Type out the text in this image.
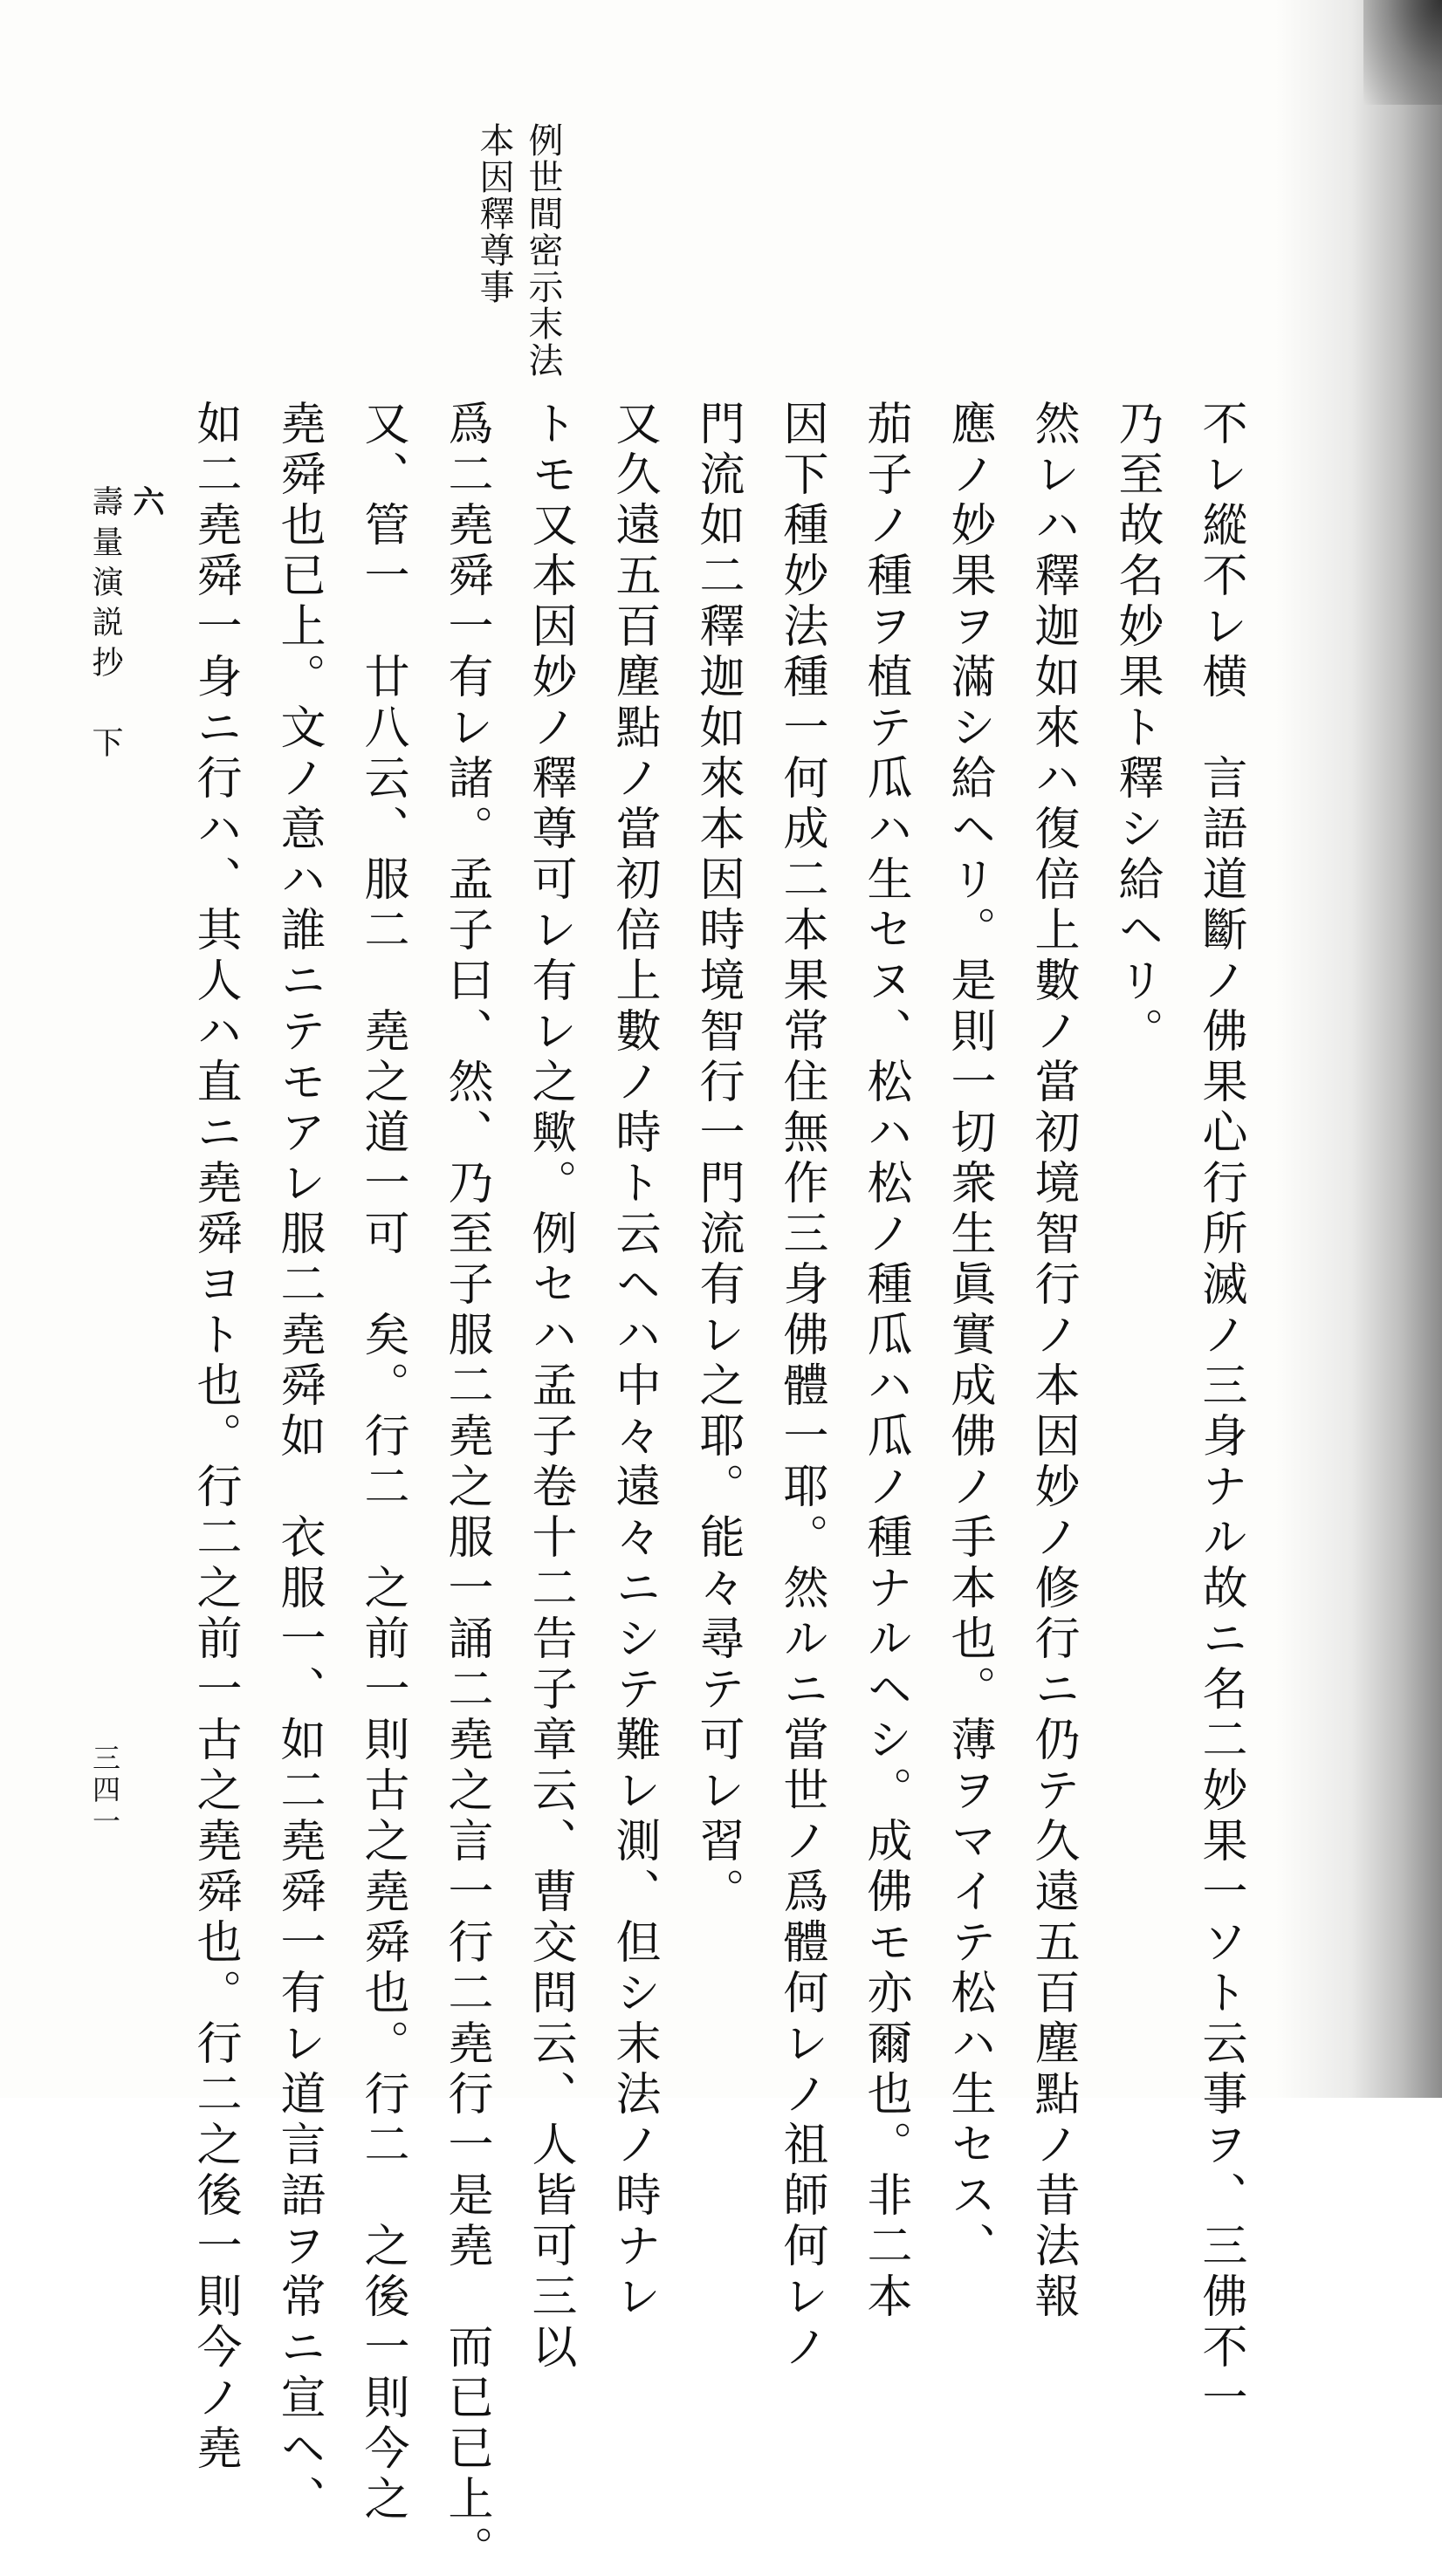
例世間密示末法
本因釋尊事
不レ縱不レ横　言語道斷ノ佛果心行所滅ノ三身ナル故ニ名二妙果一ソト云事ヲ、三佛不一
乃至故名妙果ト釋シ給ヘリ。
然レハ釋迦如來ハ復倍上數ノ當初境智行ノ本因妙ノ修行ニ仍テ久遠五百塵點ノ昔法報
應ノ妙果ヲ滿シ給ヘリ。是則一切衆生眞實成佛ノ手本也。薄ヲマイテ松ハ生セス、
茄子ノ種ヲ植テ瓜ハ生セヌ、松ハ松ノ種瓜ハ瓜ノ種ナルヘシ。成佛モ亦爾也。非二本
因下種妙法種一何成二本果常住無作三身佛體一耶。然ルニ當世ノ爲體何レノ祖師何レノ
門流如二釋迦如來本因時境智行一門流有レ之耶。能々尋テ可レ習。
又久遠五百塵點ノ當初倍上數ノ時ト云ヘハ中々遠々ニシテ難レ測、但シ末法ノ時ナレ
トモ又本因妙ノ釋尊可レ有レ之歟。例セハ孟子卷十二告子章云、曹交問云、人皆可三以
爲二堯舜一有レ諸。孟子曰、然、乃至子服二堯之服一誦二堯之言一行二堯行一是堯　而已已上。
又、管一　廿八云、服二　堯之道一可　矣。行二　之前一則古之堯舜也。行二　之後一則今之
堯舜也已上。文ノ意ハ誰ニテモアレ服二堯舜如　衣服一、如二堯舜一有レ道言語ヲ常ニ宣ヘ、
如二堯舜一身ニ行ハ、其人ハ直ニ堯舜ヨト也。行二之前一古之堯舜也。行二之後一則今ノ堯
六
壽量演説抄　下
三四一
